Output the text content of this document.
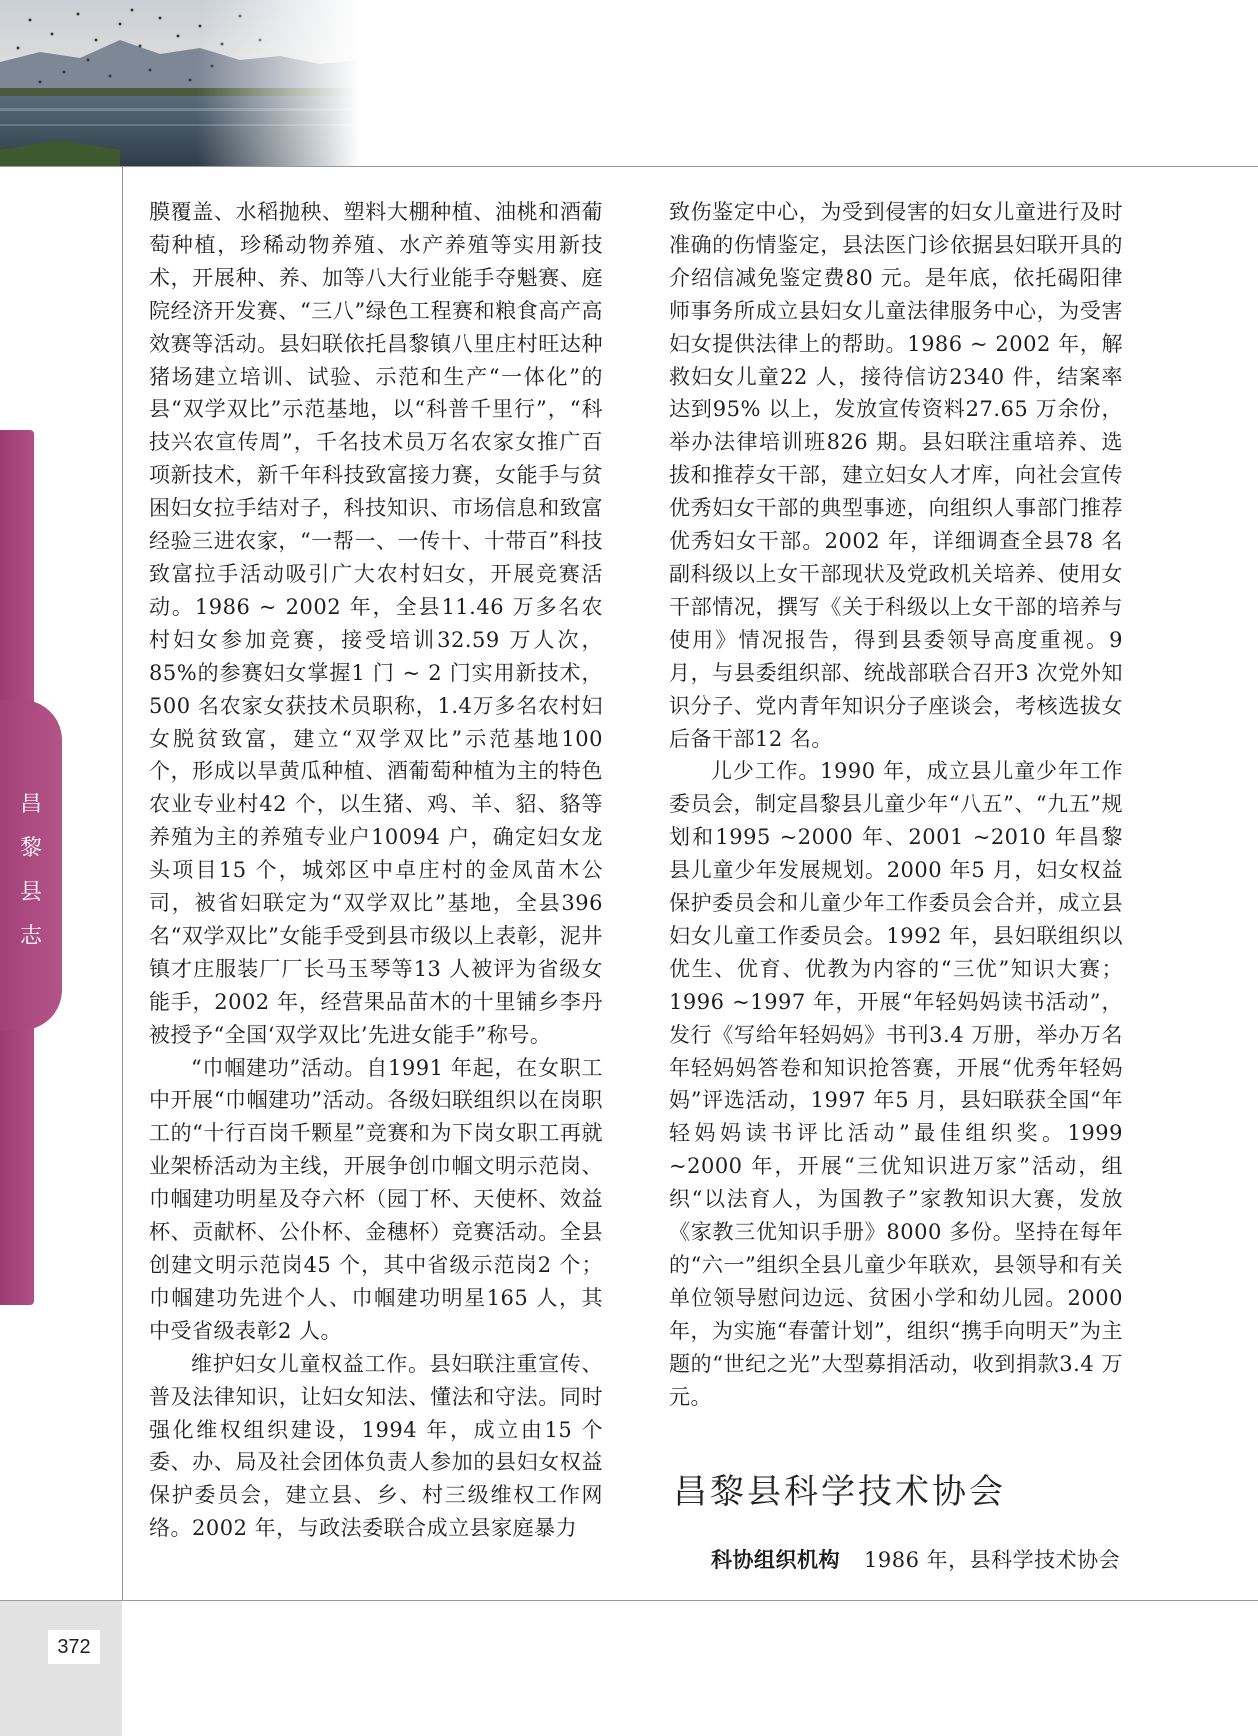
372
昌
黎
县
志

膜覆盖、水稻抛秧、塑料大棚种植、油桃和酒葡萄种植，珍稀动物养殖、水产养殖等实用新技术，开展种、养、加等八大行业能手夺魁赛、庭院经济开发赛、“三八”绿色工程赛和粮食高产高效赛等活动。县妇联依托昌黎镇八里庄村旺达种猪场建立培训、试验、示范和生产“一体化”的县“双学双比”示范基地，以“科普千里行”，“科技兴农宣传周”，千名技术员万名农家女推广百项新技术，新千年科技致富接力赛，女能手与贫困妇女拉手结对子，科技知识、市场信息和致富经验三进农家，“一帮一、一传十、十带百”科技致富拉手活动吸引广大农村妇女，开展竞赛活动。1986 ~ 2002 年，全县11.46 万多名农村妇女参加竞赛，接受培训32.59 万人次，85%的参赛妇女掌握1 门 ~ 2 门实用新技术，500 名农家女获技术员职称，1.4万多名农村妇女脱贫致富，建立“双学双比”示范基地100 个，形成以旱黄瓜种植、酒葡萄种植为主的特色农业专业村42 个，以生猪、鸡、羊、貂、貉等养殖为主的养殖专业户10094 户，确定妇女龙头项目15 个，城郊区中卓庄村的金凤苗木公司，被省妇联定为“双学双比”基地，全县396 名“双学双比”女能手受到县市级以上表彰，泥井镇才庄服装厂厂长马玉琴等13 人被评为省级女能手，2002 年，经营果品苗木的十里铺乡李丹被授予“全国‘双学双比’先进女能手”称号。

“巾帼建功”活动。自1991 年起，在女职工中开展“巾帼建功”活动。各级妇联组织以在岗职工的“十行百岗千颗星”竞赛和为下岗女职工再就业架桥活动为主线，开展争创巾帼文明示范岗、巾帼建功明星及夺六杯（园丁杯、天使杯、效益杯、贡献杯、公仆杯、金穗杯）竞赛活动。全县创建文明示范岗45 个，其中省级示范岗2 个；巾帼建功先进个人、巾帼建功明星165 人，其中受省级表彰2 人。

维护妇女儿童权益工作。县妇联注重宣传、普及法律知识，让妇女知法、懂法和守法。同时强化维权组织建设，1994 年，成立由15 个委、办、局及社会团体负责人参加的县妇女权益保护委员会，建立县、乡、村三级维权工作网络。2002 年，与政法委联合成立县家庭暴力

致伤鉴定中心，为受到侵害的妇女儿童进行及时准确的伤情鉴定，县法医门诊依据县妇联开具的介绍信减免鉴定费80 元。是年底，依托碣阳律师事务所成立县妇女儿童法律服务中心，为受害妇女提供法律上的帮助。1986 ~ 2002 年，解救妇女儿童22 人，接待信访2340 件，结案率达到95% 以上，发放宣传资料27.65 万余份，举办法律培训班826 期。县妇联注重培养、选拔和推荐女干部，建立妇女人才库，向社会宣传优秀妇女干部的典型事迹，向组织人事部门推荐优秀妇女干部。2002 年，详细调查全县78 名副科级以上女干部现状及党政机关培养、使用女干部情况，撰写《关于科级以上女干部的培养与使用》情况报告，得到县委领导高度重视。9 月，与县委组织部、统战部联合召开3 次党外知识分子、党内青年知识分子座谈会，考核选拔女后备干部12 名。

儿少工作。1990 年，成立县儿童少年工作委员会，制定昌黎县儿童少年“八五”、“九五”规划和1995 ~2000 年、2001 ~2010 年昌黎县儿童少年发展规划。2000 年5 月，妇女权益保护委员会和儿童少年工作委员会合并，成立县妇女儿童工作委员会。1992 年，县妇联组织以优生、优育、优教为内容的“三优”知识大赛；1996 ~1997 年，开展“年轻妈妈读书活动”，发行《写给年轻妈妈》书刊3.4 万册，举办万名年轻妈妈答卷和知识抢答赛，开展“优秀年轻妈妈”评选活动，1997 年5 月，县妇联获全国“年轻妈妈读书评比活动”最佳组织奖。1999 ~2000 年，开展“三优知识进万家”活动，组织“以法育人，为国教子”家教知识大赛，发放《家教三优知识手册》8000 多份。坚持在每年的“六一”组织全县儿童少年联欢，县领导和有关单位领导慰问边远、贫困小学和幼儿园。2000 年，为实施“春蕾计划”，组织“携手向明天”为主题的“世纪之光”大型募捐活动，收到捐款3.4 万元。

昌黎县科学技术协会
科协组织机构 1986 年，县科学技术协会
